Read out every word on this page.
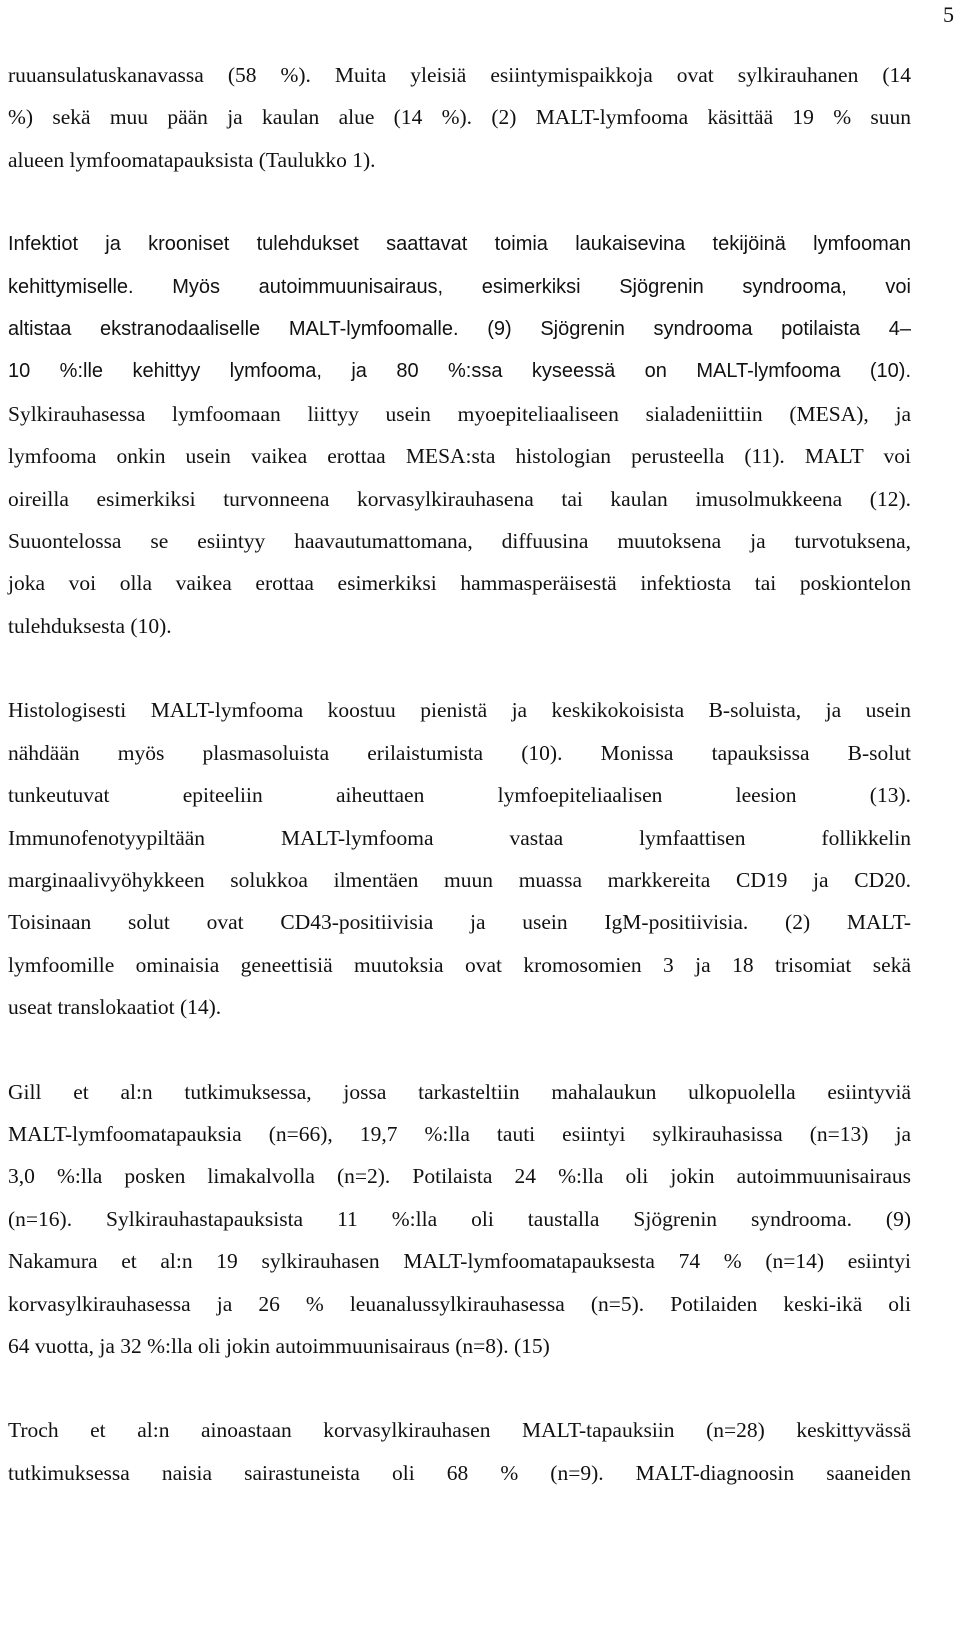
5

ruuansulatuskanavassa (58 %). Muita yleisiä esiintymispaikkoja ovat sylkirauhanen (14

%) sekä muu pään ja kaulan alue (14 %). (2) MALT-lymfooma käsittää 19 % suun

alueen lymfoomatapauksista (Taulukko 1).

Infektiot ja krooniset tulehdukset saattavat toimia laukaisevina tekijöinä lymfooman

kehittymiselle. Myös autoimmuunisairaus, esimerkiksi Sjögrenin syndrooma, voi

altistaa ekstranodaaliselle MALT-lymfoomalle. (9) Sjögrenin syndrooma potilaista 4–

10 %:lle kehittyy lymfooma, ja 80 %:ssa kyseessä on MALT-lymfooma (10).

Sylkirauhasessa lymfoomaan liittyy usein myoepiteliaaliseen sialadeniittiin (MESA), ja

lymfooma onkin usein vaikea erottaa MESA:sta histologian perusteella (11). MALT voi

oireilla esimerkiksi turvonneena korvasylkirauhasena tai kaulan imusolmukkeena (12).

Suuontelossa se esiintyy haavautumattomana, diffuusina muutoksena ja turvotuksena,

joka voi olla vaikea erottaa esimerkiksi hammasperäisestä infektiosta tai poskiontelon

tulehduksesta (10).

Histologisesti MALT-lymfooma koostuu pienistä ja keskikokoisista B-soluista, ja usein

nähdään myös plasmasoluista erilaistumista (10). Monissa tapauksissa B-solut

tunkeutuvat epiteeliin aiheuttaen lymfoepiteliaalisen leesion (13).

Immunofenotyypiltään MALT-lymfooma vastaa lymfaattisen follikkelin

marginaalivyöhykkeen solukkoa ilmentäen muun muassa markkereita CD19 ja CD20.

Toisinaan solut ovat CD43-positiivisia ja usein IgM-positiivisia. (2) MALT-

lymfoomille ominaisia geneettisiä muutoksia ovat kromosomien 3 ja 18 trisomiat sekä

useat translokaatiot (14).

Gill et al:n tutkimuksessa, jossa tarkasteltiin mahalaukun ulkopuolella esiintyviä

MALT-lymfoomatapauksia (n=66), 19,7 %:lla tauti esiintyi sylkirauhasissa (n=13) ja

3,0 %:lla posken limakalvolla (n=2). Potilaista 24 %:lla oli jokin autoimmuunisairaus

(n=16). Sylkirauhastapauksista 11 %:lla oli taustalla Sjögrenin syndrooma. (9)

Nakamura et al:n 19 sylkirauhasen MALT-lymfoomatapauksesta 74 % (n=14) esiintyi

korvasylkirauhasessa ja 26 % leuanalussylkirauhasessa (n=5). Potilaiden keski-ikä oli

64 vuotta, ja 32 %:lla oli jokin autoimmuunisairaus (n=8). (15)

Troch et al:n ainoastaan korvasylkirauhasen MALT-tapauksiin (n=28) keskittyvässä

tutkimuksessa naisia sairastuneista oli 68 % (n=9). MALT-diagnoosin saaneiden
